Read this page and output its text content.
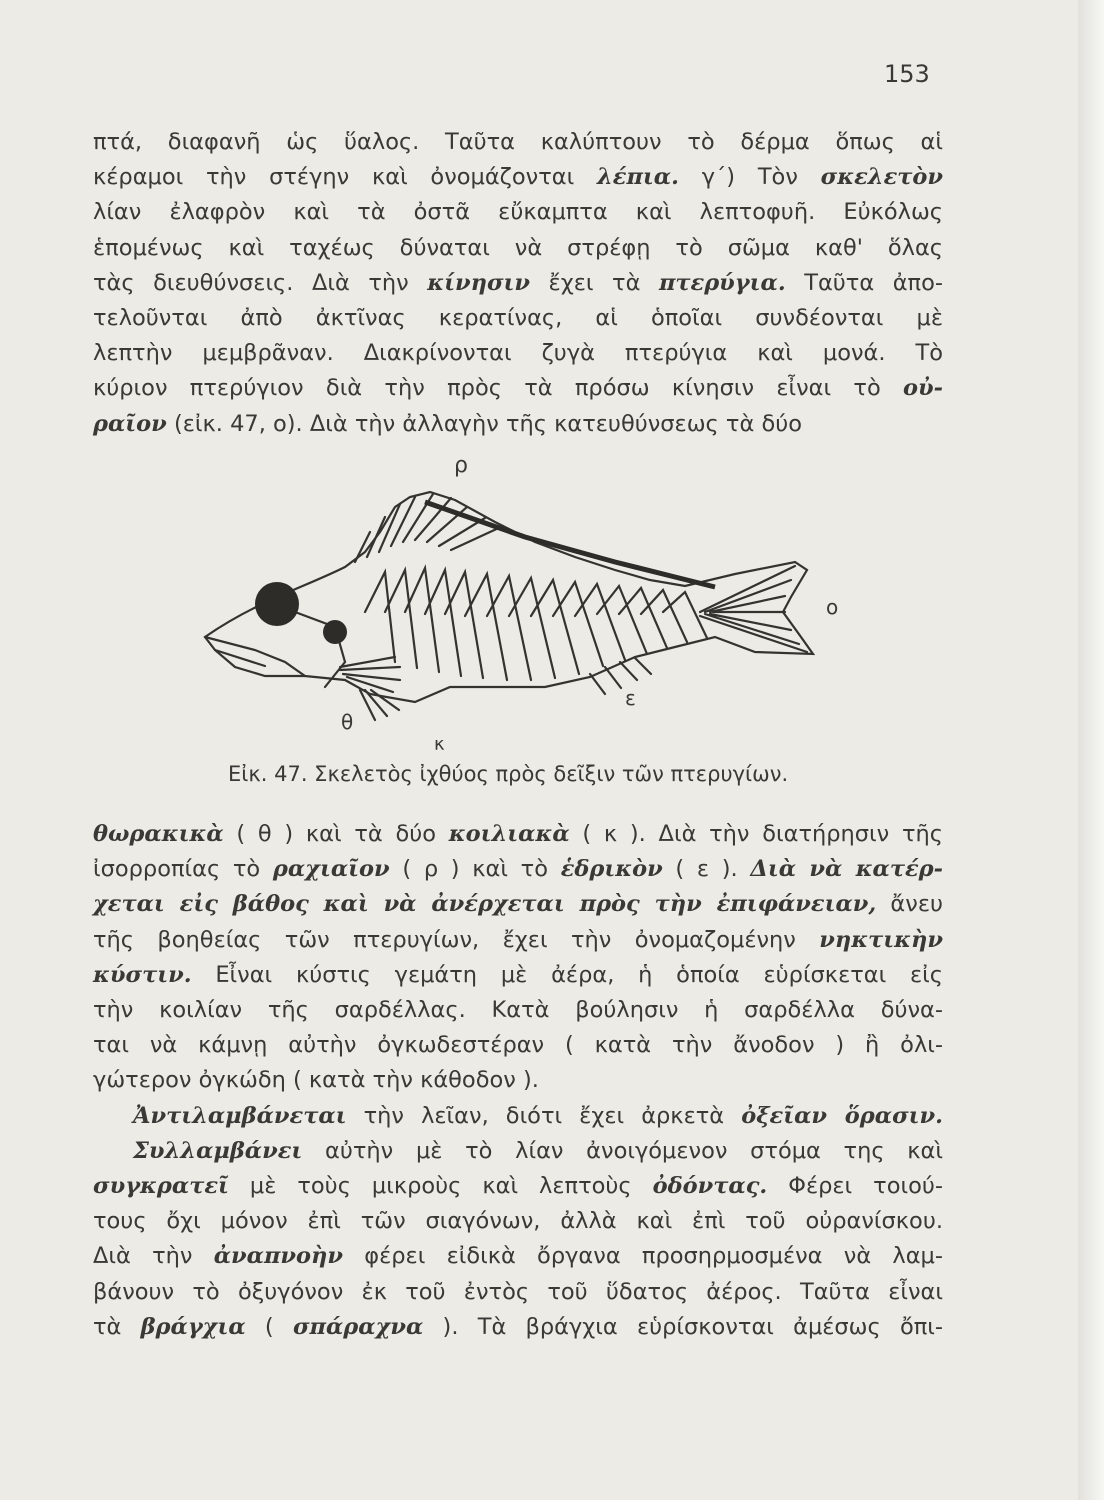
153
πτά, διαφανῆ ὡς ὕαλος. Ταῦτα καλύπτουν τὸ δέρμα ὅπως αἱ
κέραμοι τὴν στέγην καὶ ὀνομάζονται λέπια. γ΄) Τὸν σκελετὸν
λίαν ἐλαφρὸν καὶ τὰ ὀστᾶ εὔκαμπτα καὶ λεπτοφυῆ. Εὐκόλως
ἑπομένως καὶ ταχέως δύναται νὰ στρέφῃ τὸ σῶμα καθ' ὅλας
τὰς διευθύνσεις. Διὰ τὴν κίνησιν ἔχει τὰ πτερύγια. Ταῦτα ἀπο-
τελοῦνται ἀπὸ ἀκτῖνας κερατίνας, αἱ ὁποῖαι συνδέονται μὲ
λεπτὴν μεμβρᾶναν. Διακρίνονται ζυγὰ πτερύγια καὶ μονά. Τὸ
κύριον πτερύγιον διὰ τὴν πρὸς τὰ πρόσω κίνησιν εἶναι τὸ οὐ-
ραῖον (εἰκ. 47, ο). Διὰ τὴν ἀλλαγὴν τῆς κατευθύνσεως τὰ δύο
ρ
ο
ε
θ
κ
Εἰκ. 47. Σκελετὸς ἰχθύος πρὸς δεῖξιν τῶν πτερυγίων.
θωρακικὰ ( θ ) καὶ τὰ δύο κοιλιακὰ ( κ ). Διὰ τὴν διατήρησιν τῆς
ἰσορροπίας τὸ ραχιαῖον ( ρ ) καὶ τὸ ἑδρικὸν ( ε ). Διὰ νὰ κατέρ-
χεται εἰς βάθος καὶ νὰ ἀνέρχεται πρὸς τὴν ἐπιφάνειαν, ἄνευ
τῆς βοηθείας τῶν πτερυγίων, ἔχει τὴν ὀνομαζομένην νηκτικὴν
κύστιν. Εἶναι κύστις γεμάτη μὲ ἀέρα, ἡ ὁποία εὑρίσκεται εἰς
τὴν κοιλίαν τῆς σαρδέλλας. Κατὰ βούλησιν ἡ σαρδέλλα δύνα-
ται νὰ κάμνῃ αὐτὴν ὀγκωδεστέραν ( κατὰ τὴν ἄνοδον ) ἢ ὀλι-
γώτερον ὀγκώδη ( κατὰ τὴν κάθοδον ).
Ἀντιλαμβάνεται τὴν λεῖαν, διότι ἔχει ἀρκετὰ ὀξεῖαν ὅρασιν.
Συλλαμβάνει αὐτὴν μὲ τὸ λίαν ἀνοιγόμενον στόμα της καὶ
συγκρατεῖ μὲ τοὺς μικροὺς καὶ λεπτοὺς ὀδόντας. Φέρει τοιού-
τους ὄχι μόνον ἐπὶ τῶν σιαγόνων, ἀλλὰ καὶ ἐπὶ τοῦ οὐρανίσκου.
Διὰ τὴν ἀναπνοὴν φέρει εἰδικὰ ὄργανα προσηρμοσμένα νὰ λαμ-
βάνουν τὸ ὀξυγόνον ἐκ τοῦ ἐντὸς τοῦ ὕδατος ἀέρος. Ταῦτα εἶναι
τὰ βράγχια ( σπάραχνα ). Τὰ βράγχια εὑρίσκονται ἀμέσως ὄπι-
